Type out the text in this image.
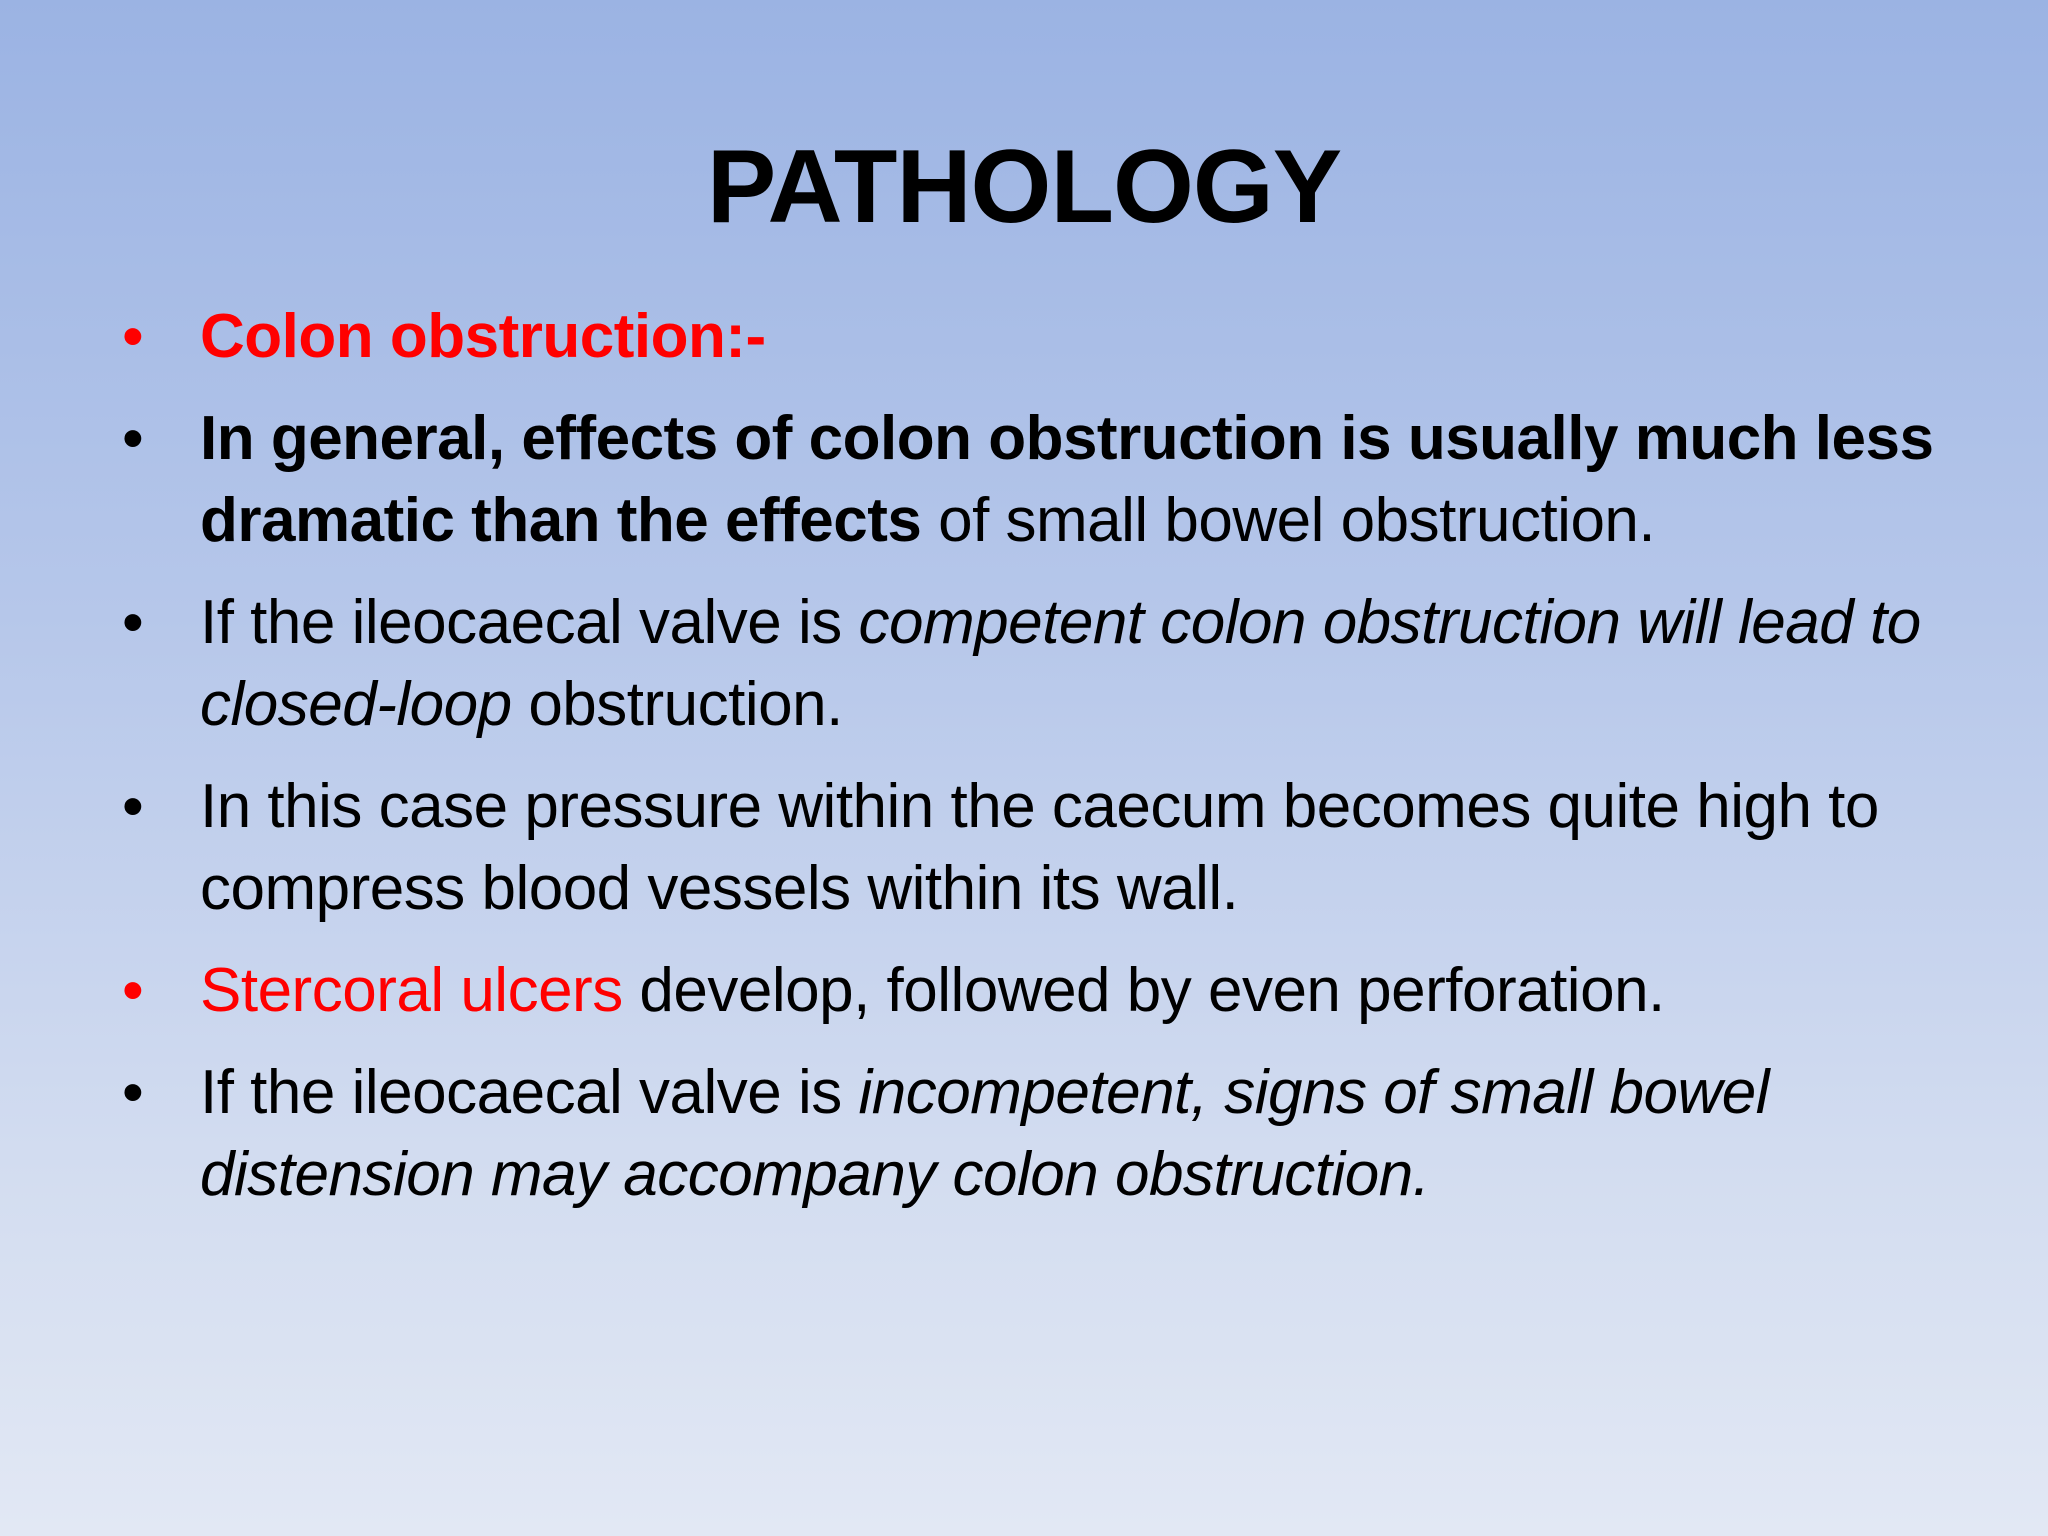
PATHOLOGY
• Colon obstruction:-
• In general, effects of colon obstruction is usually much less dramatic than the effects of small bowel obstruction.
• If the ileocaecal valve is competent colon obstruction will lead to closed-loop obstruction.
• In this case pressure within the caecum becomes quite high to compress blood vessels within its wall.
• Stercoral ulcers develop, followed by even perforation.
• If the ileocaecal valve is incompetent, signs of small bowel distension may accompany colon obstruction.
